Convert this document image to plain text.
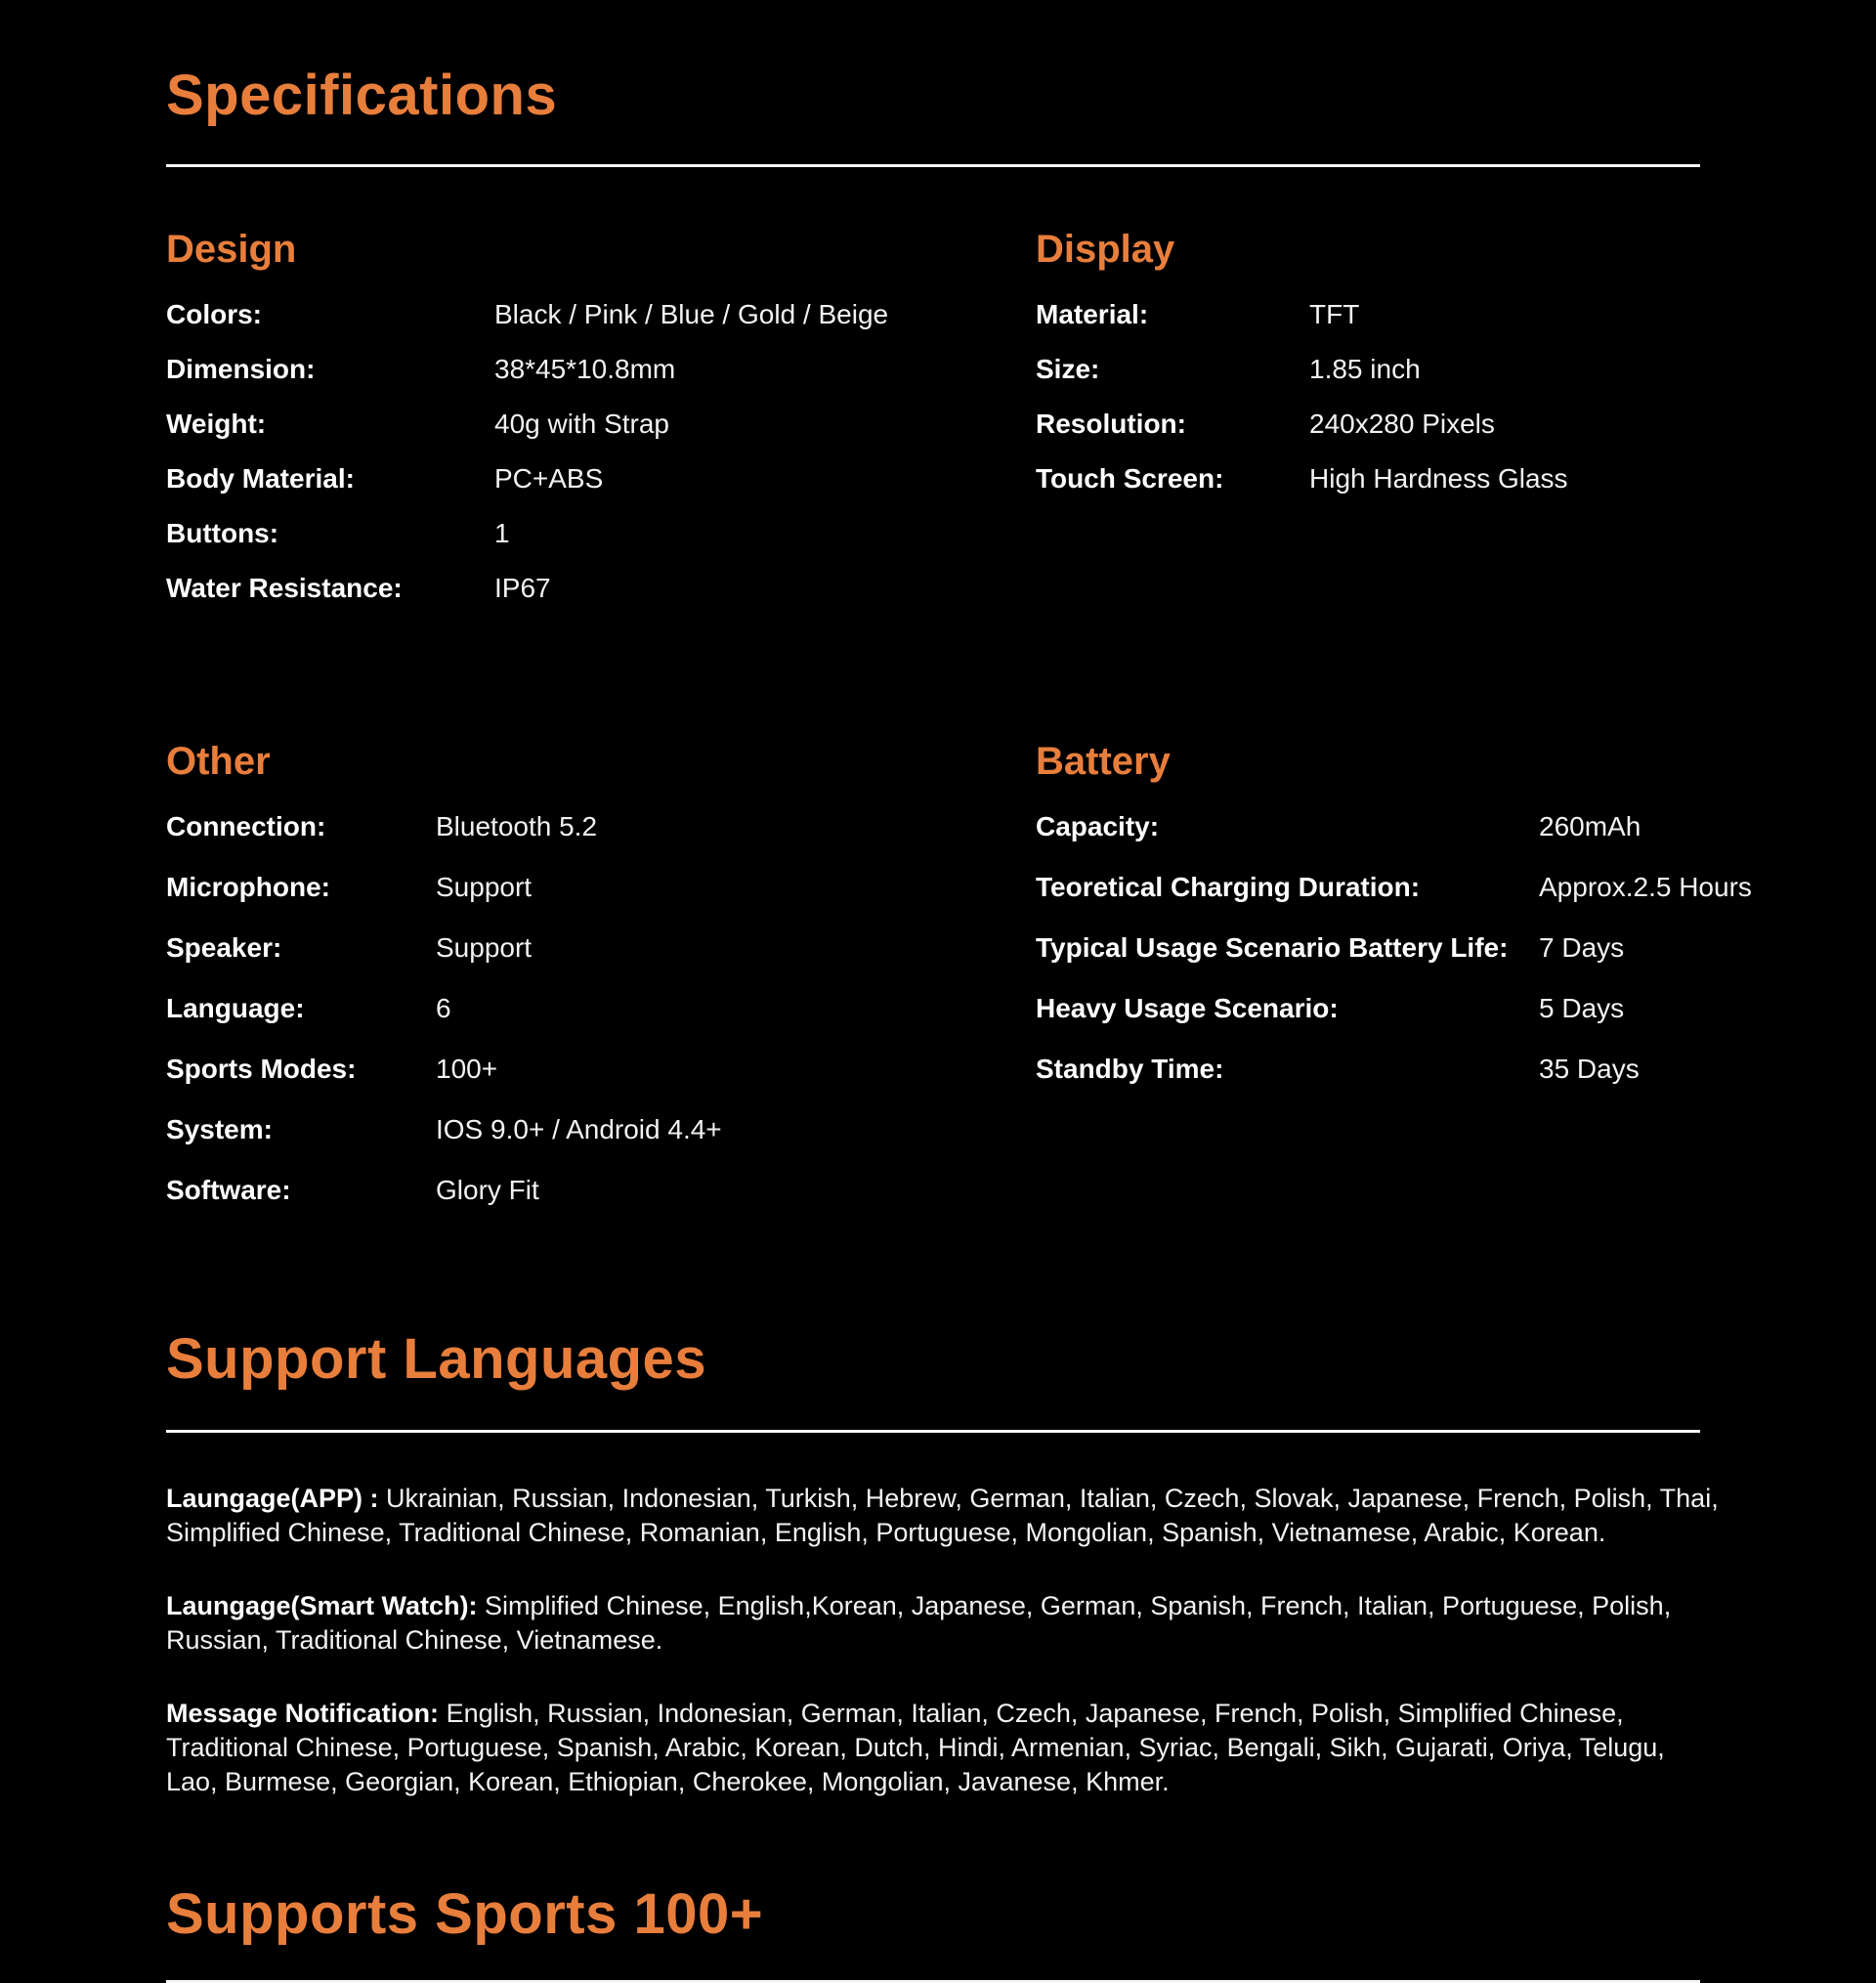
Specifications
Design
Colors:	Black / Pink / Blue / Gold / Beige
Dimension:	38*45*10.8mm
Weight:	40g with Strap
Body Material:	PC+ABS
Buttons:	1
Water Resistance:	IP67
Display
Material:	TFT
Size:	1.85 inch
Resolution:	240x280 Pixels
Touch Screen:	High Hardness Glass
Other
Connection:	Bluetooth 5.2
Microphone:	Support
Speaker:	Support
Language:	6
Sports Modes:	100+
System:	IOS 9.0+ / Android 4.4+
Software:	Glory Fit
Battery
Capacity:	260mAh
Teoretical Charging Duration:	Approx.2.5 Hours
Typical Usage Scenario Battery Life:	7 Days
Heavy Usage Scenario:	5 Days
Standby Time:	35 Days
Support Languages

Laungage(APP) : Ukrainian, Russian, Indonesian, Turkish, Hebrew, German, Italian, Czech, Slovak, Japanese, French, Polish, Thai, Simplified Chinese, Traditional Chinese, Romanian, English, Portuguese, Mongolian, Spanish, Vietnamese, Arabic, Korean.

Laungage(Smart Watch): Simplified Chinese, English,Korean, Japanese, German, Spanish, French, Italian, Portuguese, Polish, Russian, Traditional Chinese, Vietnamese.

Message Notification: English, Russian, Indonesian, German, Italian, Czech, Japanese, French, Polish, Simplified Chinese, Traditional Chinese, Portuguese, Spanish, Arabic, Korean, Dutch, Hindi, Armenian, Syriac, Bengali, Sikh, Gujarati, Oriya, Telugu, Lao, Burmese, Georgian, Korean, Ethiopian, Cherokee, Mongolian, Javanese, Khmer.

Supports Sports 100+
